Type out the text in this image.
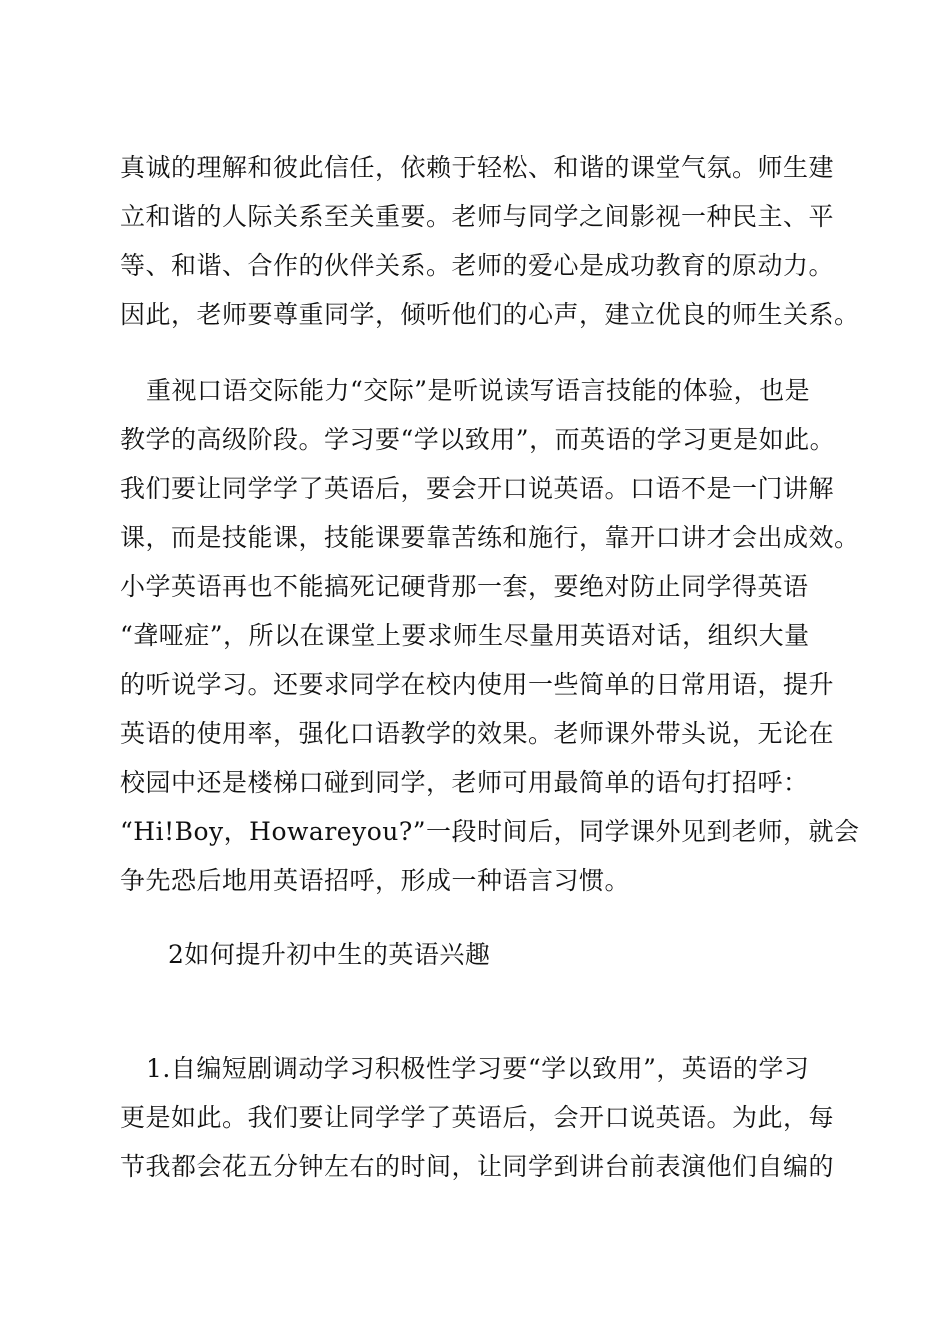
真诚的理解和彼此信任，依赖于轻松、和谐的课堂气氛。师生建
立和谐的人际关系至关重要。老师与同学之间影视一种民主、平
等、和谐、合作的伙伴关系。老师的爱心是成功教育的原动力。
因此，老师要尊重同学，倾听他们的心声，建立优良的师生关系。
重视口语交际能力“交际”是听说读写语言技能的体验，也是
教学的高级阶段。学习要“学以致用”，而英语的学习更是如此。
我们要让同学学了英语后，要会开口说英语。口语不是一门讲解
课，而是技能课，技能课要靠苦练和施行，靠开口讲才会出成效。
小学英语再也不能搞死记硬背那一套，要绝对防止同学得英语
“聋哑症”，所以在课堂上要求师生尽量用英语对话，组织大量
的听说学习。还要求同学在校内使用一些简单的日常用语，提升
英语的使用率，强化口语教学的效果。老师课外带头说，无论在
校园中还是楼梯口碰到同学，老师可用最简单的语句打招呼：
“Hi!Boy，Howareyou?”一段时间后，同学课外见到老师，就会
争先恐后地用英语招呼，形成一种语言习惯。
2如何提升初中生的英语兴趣
1.自编短剧调动学习积极性学习要“学以致用”，英语的学习
更是如此。我们要让同学学了英语后，会开口说英语。为此，每
节我都会花五分钟左右的时间，让同学到讲台前表演他们自编的
